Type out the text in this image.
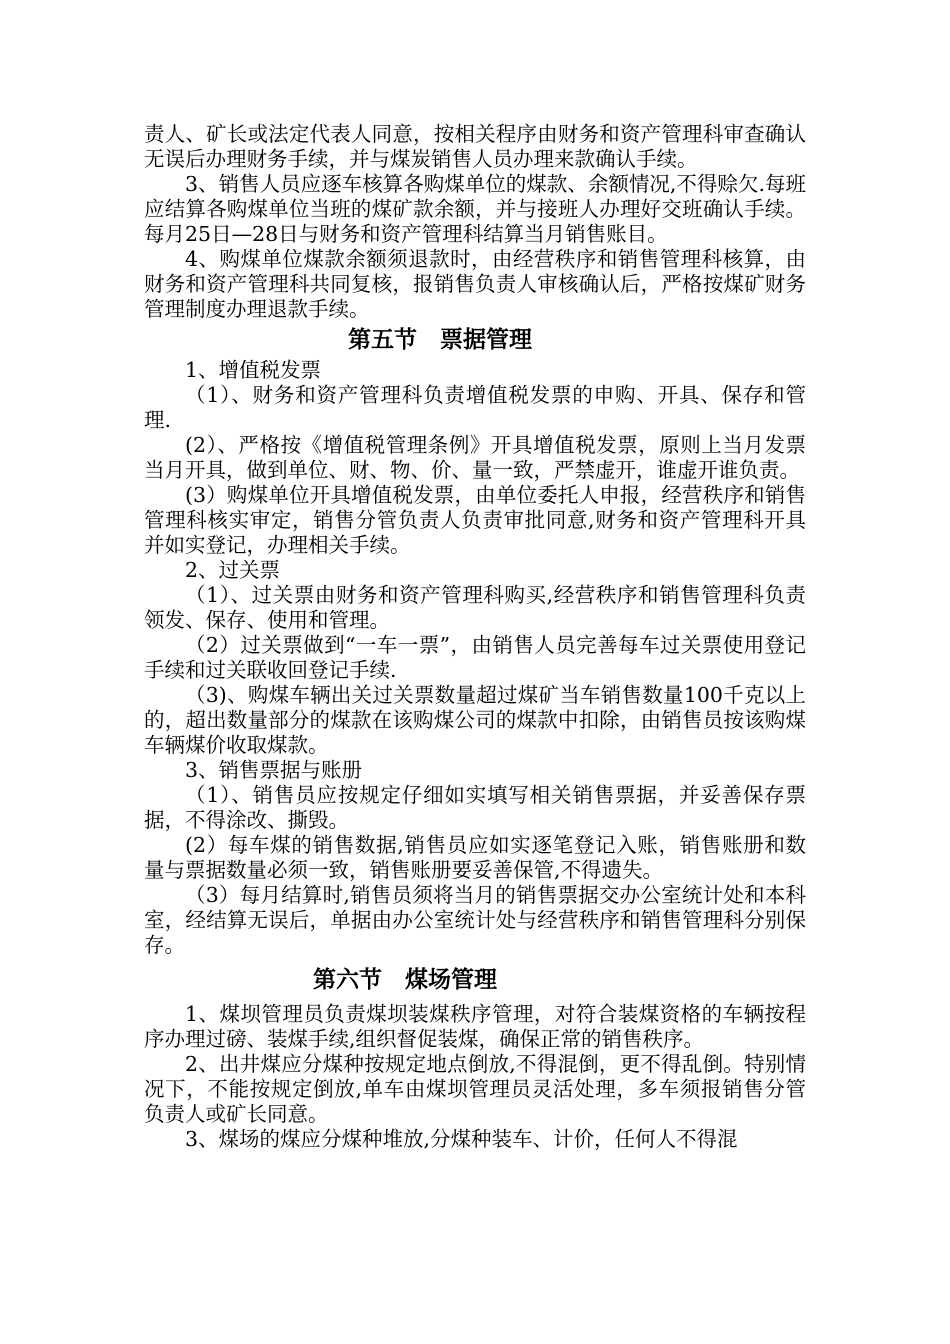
责人、矿长或法定代表人同意，按相关程序由财务和资产管理科审查确认无误后办理财务手续，并与煤炭销售人员办理来款确认手续。

3、销售人员应逐车核算各购煤单位的煤款、余额情况,不得赊欠.每班应结算各购煤单位当班的煤矿款余额，并与接班人办理好交班确认手续。每月25日—28日与财务和资产管理科结算当月销售账目。

4、购煤单位煤款余额须退款时，由经营秩序和销售管理科核算，由财务和资产管理科共同复核，报销售负责人审核确认后，严格按煤矿财务管理制度办理退款手续。

第五节　票据管理

1、增值税发票

（1）、财务和资产管理科负责增值税发票的申购、开具、保存和管理.

(2）、严格按《增值税管理条例》开具增值税发票，原则上当月发票当月开具，做到单位、财、物、价、量一致，严禁虚开，谁虚开谁负责。

(3）购煤单位开具增值税发票，由单位委托人申报，经营秩序和销售管理科核实审定，销售分管负责人负责审批同意,财务和资产管理科开具并如实登记，办理相关手续。

2、过关票

（1）、过关票由财务和资产管理科购买,经营秩序和销售管理科负责领发、保存、使用和管理。

（2）过关票做到“一车一票”，由销售人员完善每车过关票使用登记手续和过关联收回登记手续.

（3)、购煤车辆出关过关票数量超过煤矿当车销售数量100千克以上的，超出数量部分的煤款在该购煤公司的煤款中扣除，由销售员按该购煤车辆煤价收取煤款。

3、销售票据与账册

（1）、销售员应按规定仔细如实填写相关销售票据，并妥善保存票据，不得涂改、撕毁。

(2）每车煤的销售数据,销售员应如实逐笔登记入账，销售账册和数量与票据数量必须一致，销售账册要妥善保管,不得遗失。

（3）每月结算时,销售员须将当月的销售票据交办公室统计处和本科室，经结算无误后，单据由办公室统计处与经营秩序和销售管理科分别保存。

第六节　煤场管理

1、煤坝管理员负责煤坝装煤秩序管理，对符合装煤资格的车辆按程序办理过磅、装煤手续,组织督促装煤，确保正常的销售秩序。

2、出井煤应分煤种按规定地点倒放,不得混倒，更不得乱倒。特别情况下，不能按规定倒放,单车由煤坝管理员灵活处理，多车须报销售分管负责人或矿长同意。

3、煤场的煤应分煤种堆放,分煤种装车、计价，任何人不得混
